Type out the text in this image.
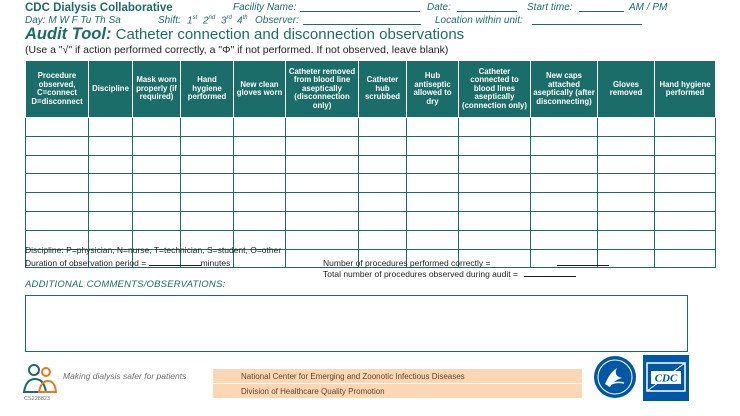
CDC Dialysis Collaborative	Facility Name:	Date:	Start time:	AM / PM
Day: M W F Tu Th Sa	Shift: 1st 2nd 3rd 4th Observer:	Location within unit:
Audit Tool: Catheter connection and disconnection observations
(Use a "√" if action performed correctly, a "Φ" if not performed. If not observed, leave blank)
Procedure observed, C=connect D=disconnect	Discipline	Mask worn properly (if required)	Hand hygiene performed	New clean gloves worn	Catheter removed from blood line aseptically (disconnection only)	Catheter hub scrubbed	Hub antiseptic allowed to dry	Catheter connected to blood lines aseptically (connection only)	New caps attached aseptically (after disconnecting)	Gloves removed	Hand hygiene performed

Discipline: P=physician, N=nurse, T=technician, S=student, O=other
Duration of observation period =	minutes	Number of procedures performed correctly =
Total number of procedures observed during audit =
ADDITIONAL COMMENTS/OBSERVATIONS:
Making dialysis safer for patients
CS228823
National Center for Emerging and Zoonotic Infectious Diseases
Division of Healthcare Quality Promotion
CDC
